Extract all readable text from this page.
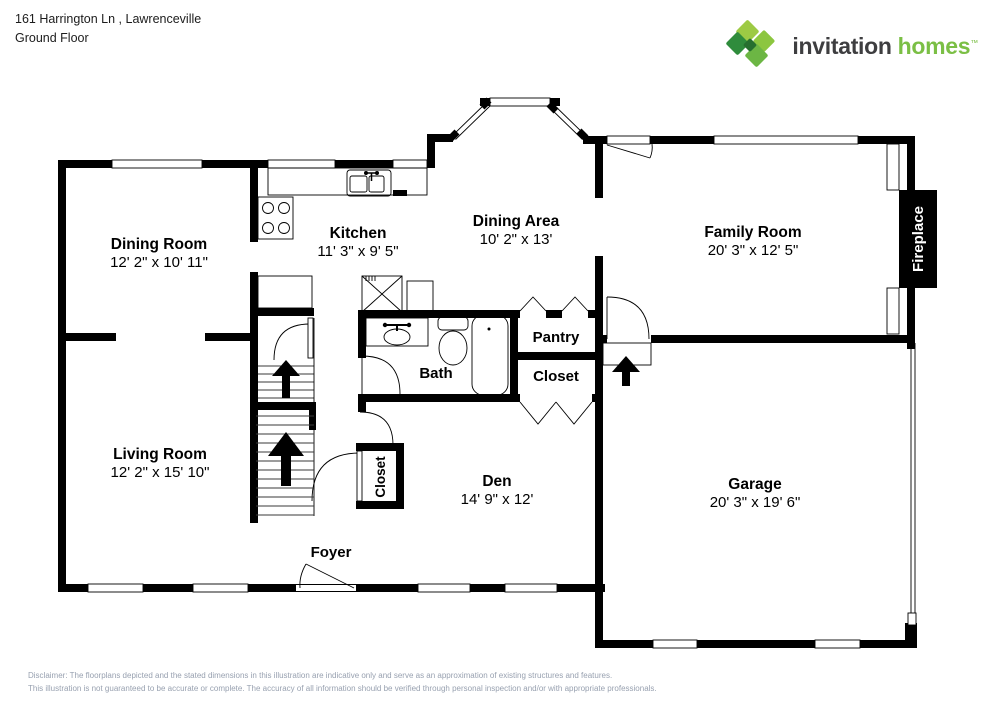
161 Harrington Ln , Lawrenceville
Ground Floor	invitation homes™
Dining Room
12' 2" x 10' 11"
Kitchen
11' 3" x 9' 5"
Dining Area
10' 2" x 13'	Family Room
20' 3" x 12' 5"
Living Room
12' 2" x 15' 10"
Den
14' 9" x 12'
Garage
20' 3" x 19' 6"
Pantry
Closet
Bath
Foyer
Closet
Fireplace
Disclaimer: The floorplans depicted and the stated dimensions in this illustration are indicative only and serve as an approximation of existing structures and features.
This illustration is not guaranteed to be accurate or complete. The accuracy of all information should be verified through personal inspection and/or with appropriate professionals.
